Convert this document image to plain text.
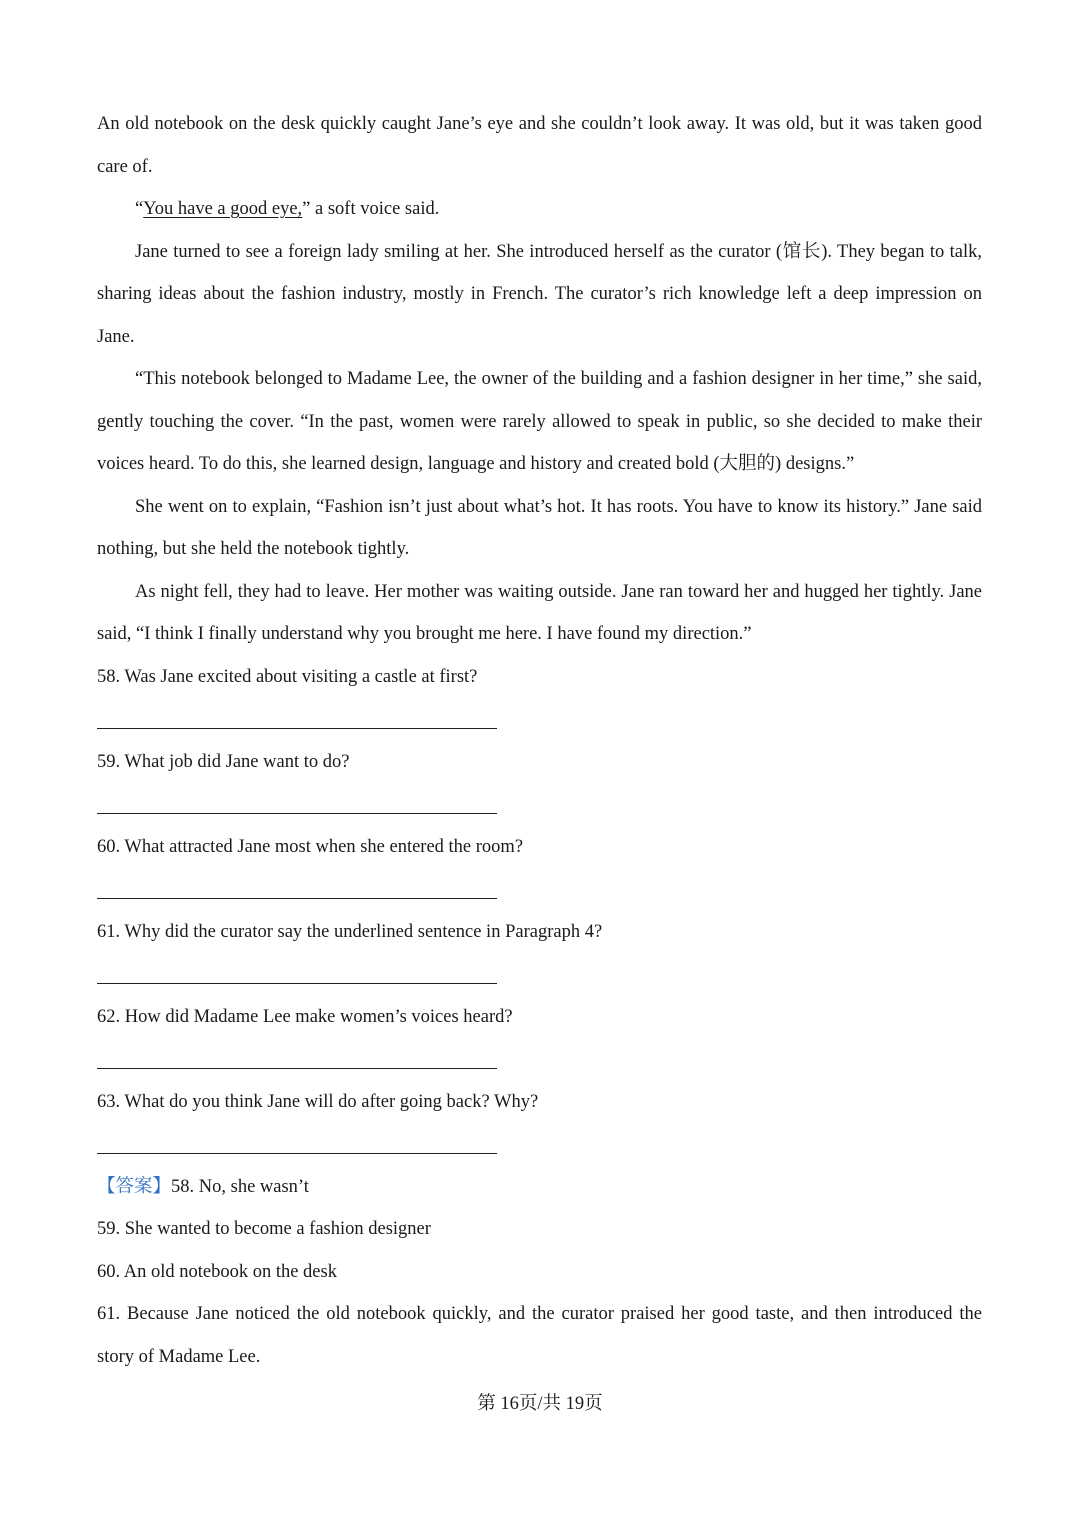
An old notebook on the desk quickly caught Jane’s eye and she couldn’t look away. It was old, but it was taken good care of.

“You have a good eye,” a soft voice said.

Jane turned to see a foreign lady smiling at her. She introduced herself as the curator (馆长). They began to talk, sharing ideas about the fashion industry, mostly in French. The curator’s rich knowledge left a deep impression on Jane.

“This notebook belonged to Madame Lee, the owner of the building and a fashion designer in her time,” she said, gently touching the cover. “In the past, women were rarely allowed to speak in public, so she decided to make their voices heard. To do this, she learned design, language and history and created bold (大胆的) designs.”

She went on to explain, “Fashion isn’t just about what’s hot. It has roots. You have to know its history.” Jane said nothing, but she held the notebook tightly.

As night fell, they had to leave. Her mother was waiting outside. Jane ran toward her and hugged her tightly. Jane said, “I think I finally understand why you brought me here. I have found my direction.”

58. Was Jane excited about visiting a castle at first?

59. What job did Jane want to do?

60. What attracted Jane most when she entered the room?

61. Why did the curator say the underlined sentence in Paragraph 4?

62. How did Madame Lee make women’s voices heard?

63. What do you think Jane will do after going back? Why?

【答案】58. No, she wasn’t

59. She wanted to become a fashion designer

60. An old notebook on the desk

61. Because Jane noticed the old notebook quickly, and the curator praised her good taste, and then introduced the story of Madame Lee.

第 16页/共 19页
